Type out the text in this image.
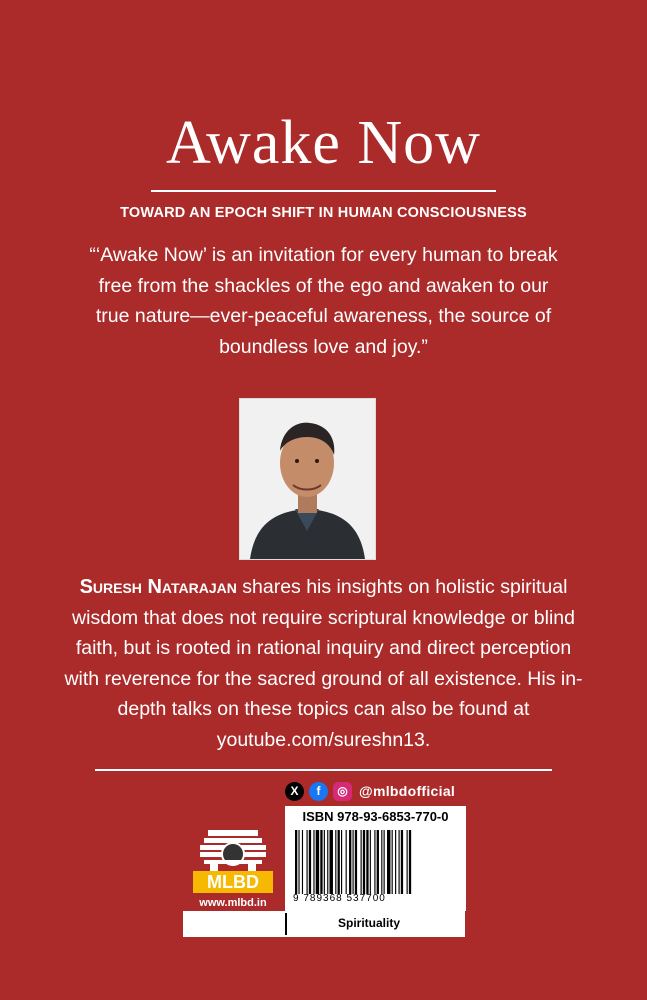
Awake Now
TOWARD AN EPOCH SHIFT IN HUMAN CONSCIOUSNESS
“‘Awake Now’ is an invitation for every human to break free from the shackles of the ego and awaken to our true nature—ever-peaceful awareness, the source of boundless love and joy.”
Suresh Natarajan shares his insights on holistic spiritual wisdom that does not require scriptural knowledge or blind faith, but is rooted in rational inquiry and direct perception with reverence for the sacred ground of all existence. His in-depth talks on these topics can also be found at youtube.com/sureshn13.
X	f	◎ @mlbdofficial
ISBN 978-93-6853-770-0
9 789368 537700
MLBD
www.mlbd.in
Spirituality
